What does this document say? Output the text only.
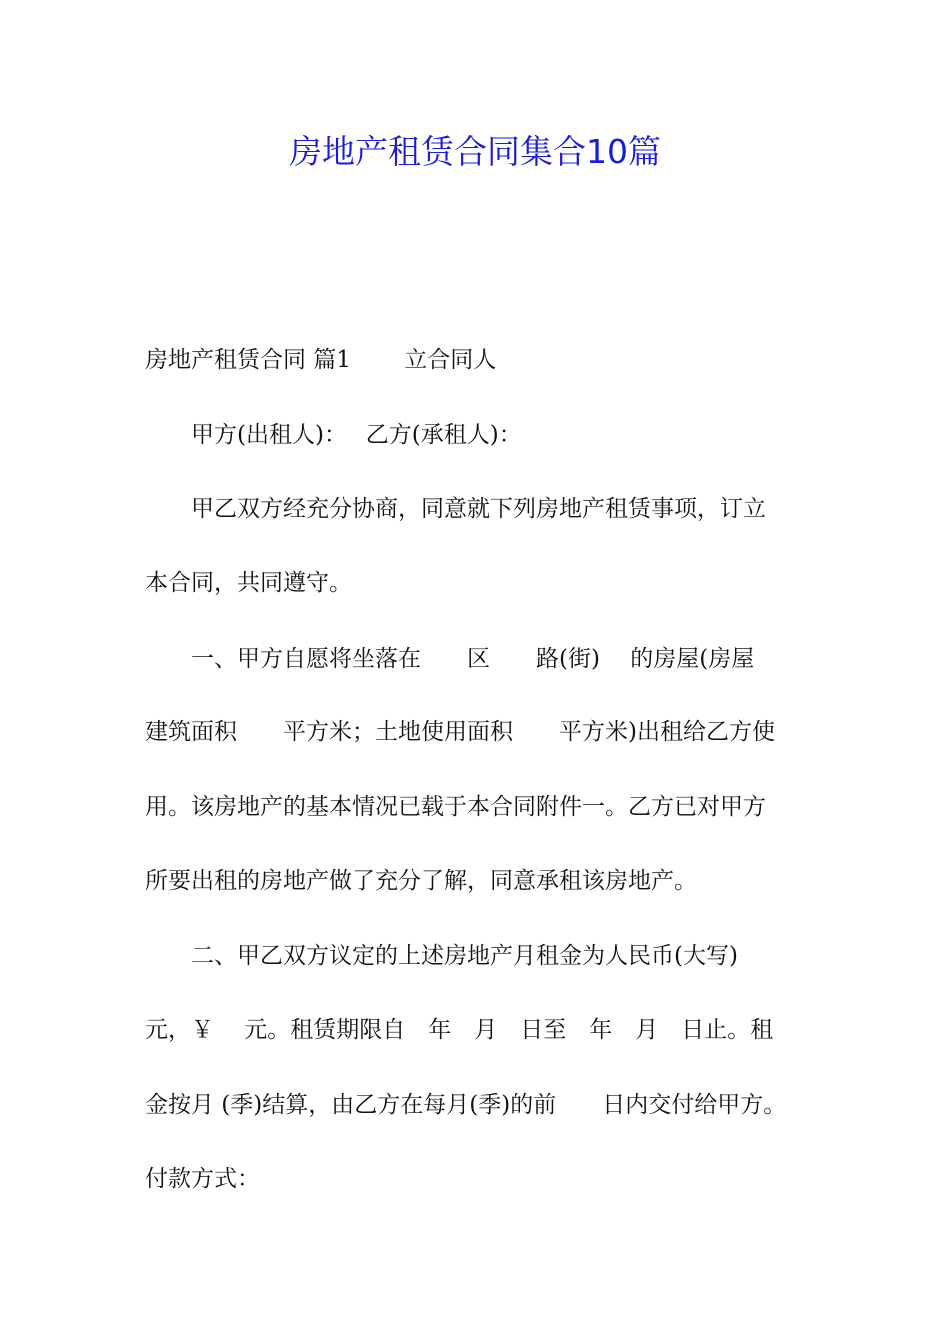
房地产租赁合同集合10篇

房地产租赁合同 篇1　　 立合同人

　　甲方(出租人)：　 乙方(承租人)：

　　甲乙双方经充分协商，同意就下列房地产租赁事项，订立

本合同，共同遵守。

　　一、甲方自愿将坐落在　　区　　路(街)　 的房屋(房屋

建筑面积　　平方米；土地使用面积　　平方米)出租给乙方使

用。该房地产的基本情况已载于本合同附件一。乙方已对甲方

所要出租的房地产做了充分了解，同意承租该房地产。

　　二、甲乙双方议定的上述房地产月租金为人民币(大写)

元，￥　 元。租赁期限自　年　月　日至　年　月　日止。租

金按月 (季)结算，由乙方在每月(季)的前　　日内交付给甲方。

付款方式：
